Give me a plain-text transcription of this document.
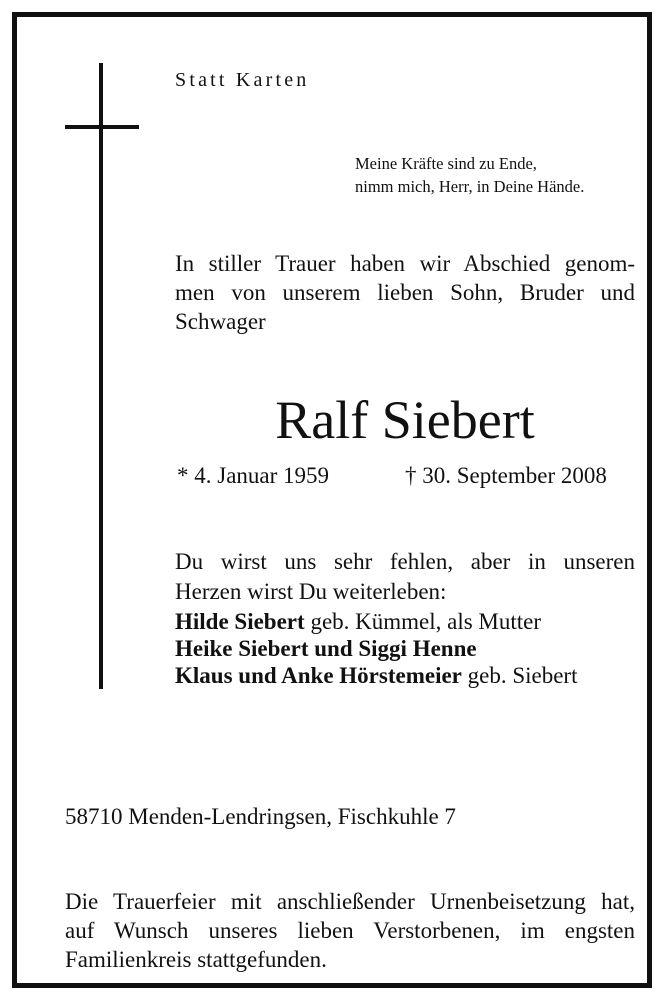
Statt Karten
Meine Kräfte sind zu Ende,
nimm mich, Herr, in Deine Hände.
In stiller Trauer haben wir Abschied genom-
men von unserem lieben Sohn, Bruder und
Schwager
Ralf Siebert
* 4. Januar 1959	† 30. September 2008
Du wirst uns sehr fehlen, aber in unseren
Herzen wirst Du weiterleben:
Hilde Siebert geb. Kümmel, als Mutter
Heike Siebert und Siggi Henne
Klaus und Anke Hörstemeier geb. Siebert
58710 Menden-Lendringsen, Fischkuhle 7
Die Trauerfeier mit anschließender Urnenbeisetzung hat,
auf Wunsch unseres lieben Verstorbenen, im engsten
Familienkreis stattgefunden.
